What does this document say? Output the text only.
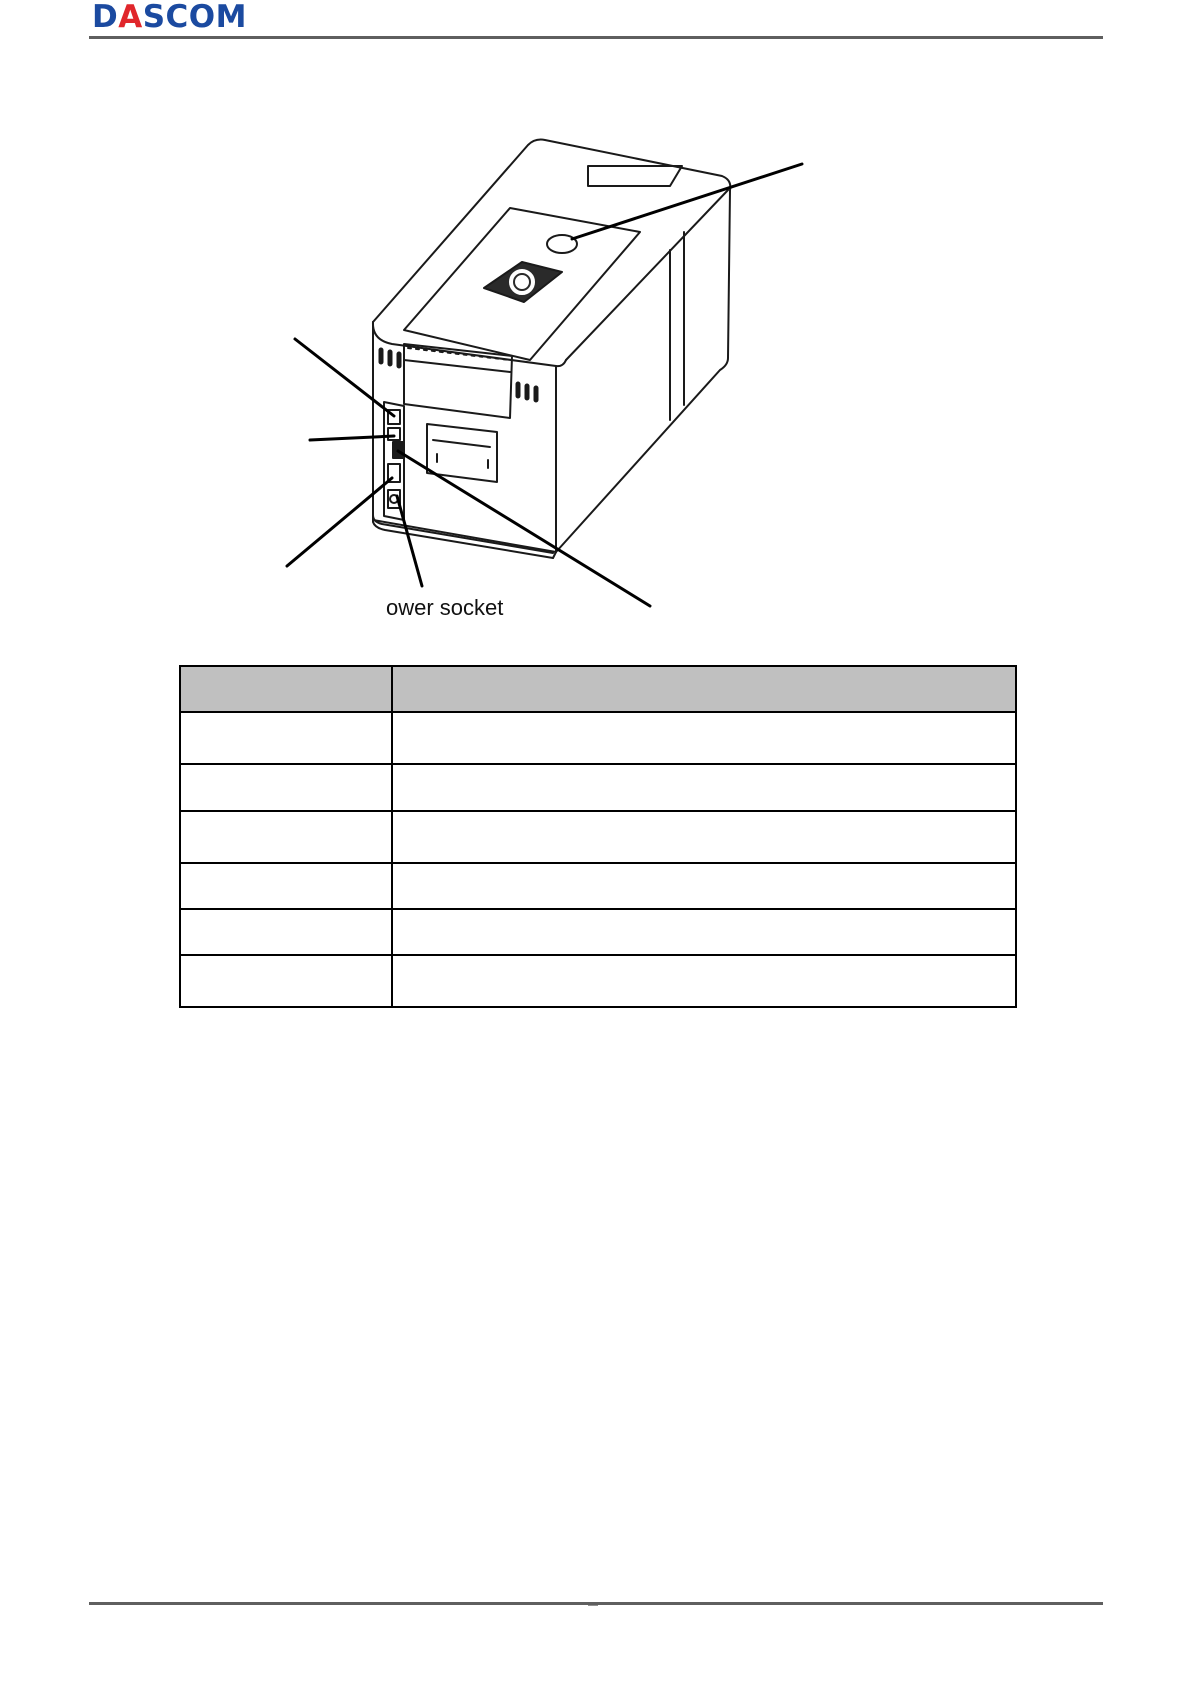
DASCOM
ower socket

—
